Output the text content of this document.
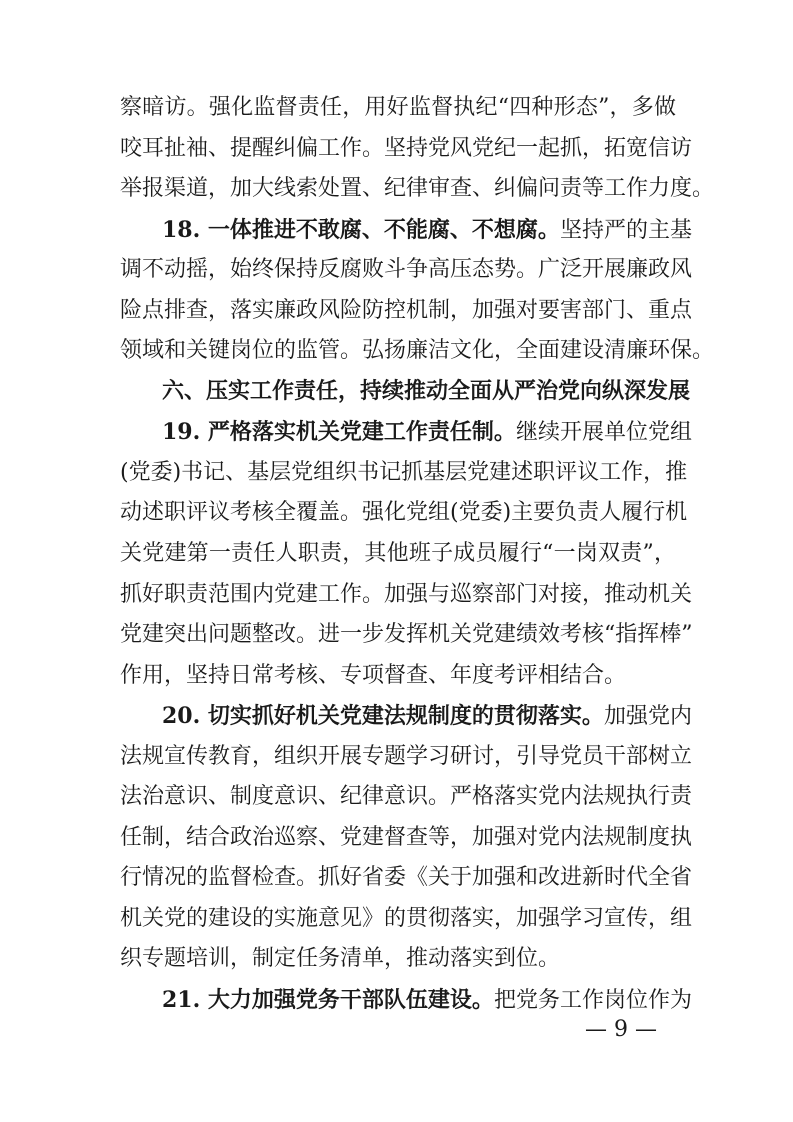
察暗访。强化监督责任，用好监督执纪“四种形态”，多做
咬耳扯袖、提醒纠偏工作。坚持党风党纪一起抓，拓宽信访
举报渠道，加大线索处置、纪律审查、纠偏问责等工作力度。
18. 一体推进不敢腐、不能腐、不想腐。坚持严的主基
调不动摇，始终保持反腐败斗争高压态势。广泛开展廉政风
险点排查，落实廉政风险防控机制，加强对要害部门、重点
领域和关键岗位的监管。弘扬廉洁文化，全面建设清廉环保。
六、压实工作责任，持续推动全面从严治党向纵深发展
19. 严格落实机关党建工作责任制。继续开展单位党组
(党委)书记、基层党组织书记抓基层党建述职评议工作，推
动述职评议考核全覆盖。强化党组(党委)主要负责人履行机
关党建第一责任人职责，其他班子成员履行“一岗双责”，
抓好职责范围内党建工作。加强与巡察部门对接，推动机关
党建突出问题整改。进一步发挥机关党建绩效考核“指挥棒”
作用，坚持日常考核、专项督查、年度考评相结合。
20. 切实抓好机关党建法规制度的贯彻落实。加强党内
法规宣传教育，组织开展专题学习研讨，引导党员干部树立
法治意识、制度意识、纪律意识。严格落实党内法规执行责
任制，结合政治巡察、党建督查等，加强对党内法规制度执
行情况的监督检查。抓好省委《关于加强和改进新时代全省
机关党的建设的实施意见》的贯彻落实，加强学习宣传，组
织专题培训，制定任务清单，推动落实到位。
21. 大力加强党务干部队伍建设。把党务工作岗位作为
— 9 —
